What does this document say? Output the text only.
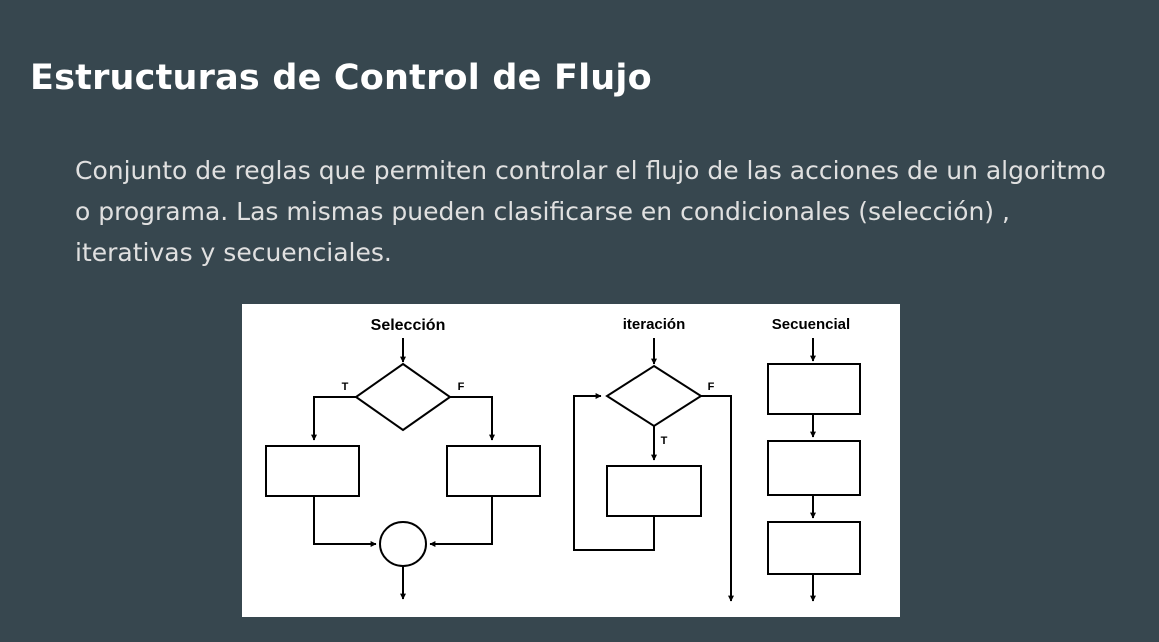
Estructuras de Control de Flujo

Conjunto de reglas que permiten controlar el flujo de las acciones de un algoritmo o programa. Las mismas pueden clasificarse en condicionales (selección) , iterativas y secuenciales.

Selección
T	F
iteración
F
T
Secuencial
